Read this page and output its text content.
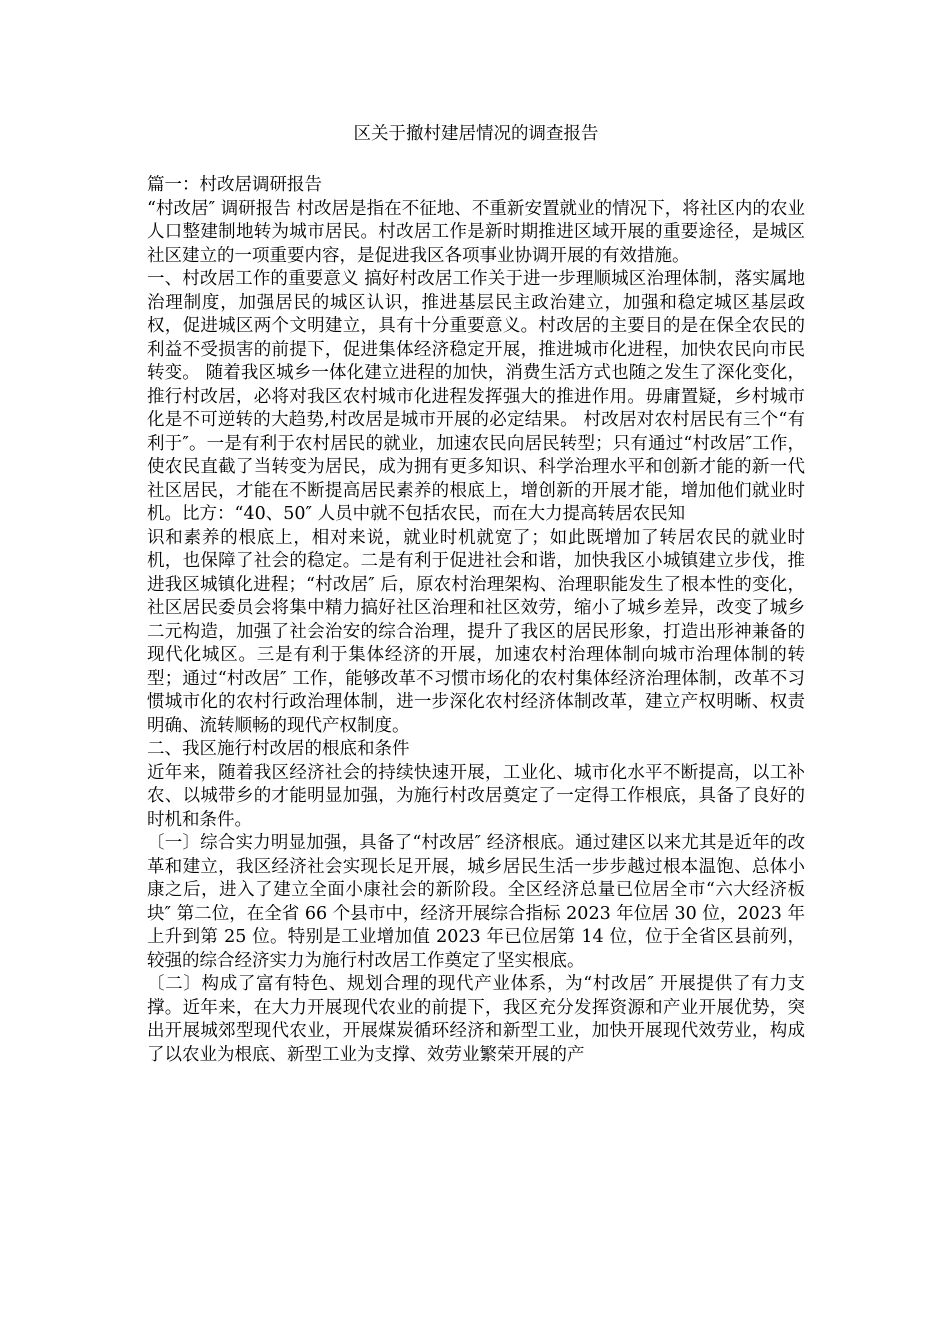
区关于撤村建居情况的调查报告

篇一：村改居调研报告

“村改居″ 调研报告 村改居是指在不征地、不重新安置就业的情况下，将社区内的农业人口整建制地转为城市居民。村改居工作是新时期推进区域开展的重要途径，是城区社区建立的一项重要内容，是促进我区各项事业协调开展的有效措施。

一、村改居工作的重要意义 搞好村改居工作关于进一步理顺城区治理体制，落实属地治理制度，加强居民的城区认识，推进基层民主政治建立，加强和稳定城区基层政权，促进城区两个文明建立，具有十分重要意义。村改居的主要目的是在保全农民的利益不受损害的前提下，促进集体经济稳定开展，推进城市化进程，加快农民向市民转变。 随着我区城乡一体化建立进程的加快，消费生活方式也随之发生了深化变化，推行村改居，必将对我区农村城市化进程发挥强大的推进作用。毋庸置疑，乡村城市化是不可逆转的大趋势,村改居是城市开展的必定结果。 村改居对农村居民有三个“有利于″。一是有利于农村居民的就业，加速农民向居民转型；只有通过“村改居″工作，使农民直截了当转变为居民，成为拥有更多知识、科学治理水平和创新才能的新一代社区居民，才能在不断提高居民素养的根底上，增创新的开展才能，增加他们就业时机。比方：“40、50″ 人员中就不包括农民，而在大力提高转居农民知

识和素养的根底上，相对来说，就业时机就宽了；如此既增加了转居农民的就业时机，也保障了社会的稳定。二是有利于促进社会和谐，加快我区小城镇建立步伐，推进我区城镇化进程；“村改居″ 后，原农村治理架构、治理职能发生了根本性的变化，社区居民委员会将集中精力搞好社区治理和社区效劳，缩小了城乡差异，改变了城乡二元构造，加强了社会治安的综合治理，提升了我区的居民形象，打造出形神兼备的现代化城区。三是有利于集体经济的开展，加速农村治理体制向城市治理体制的转型；通过“村改居″ 工作，能够改革不习惯市场化的农村集体经济治理体制，改革不习惯城市化的农村行政治理体制，进一步深化农村经济体制改革，建立产权明晰、权责明确、流转顺畅的现代产权制度。

二、我区施行村改居的根底和条件

近年来，随着我区经济社会的持续快速开展，工业化、城市化水平不断提高，以工补农、以城带乡的才能明显加强，为施行村改居奠定了一定得工作根底，具备了良好的时机和条件。

〔一〕综合实力明显加强，具备了“村改居″ 经济根底。通过建区以来尤其是近年的改革和建立，我区经济社会实现长足开展，城乡居民生活一步步越过根本温饱、总体小康之后，进入了建立全面小康社会的新阶段。全区经济总量已位居全市“六大经济板块″ 第二位，在全省 66 个县市中，经济开展综合指标 2023 年位居 30 位，2023 年上升到第 25 位。特别是工业增加值 2023 年已位居第 14 位，位于全省区县前列，较强的综合经济实力为施行村改居工作奠定了坚实根底。

〔二〕构成了富有特色、规划合理的现代产业体系，为“村改居″ 开展提供了有力支撑。近年来，在大力开展现代农业的前提下，我区充分发挥资源和产业开展优势，突出开展城郊型现代农业，开展煤炭循环经济和新型工业，加快开展现代效劳业，构成了以农业为根底、新型工业为支撑、效劳业繁荣开展的产
